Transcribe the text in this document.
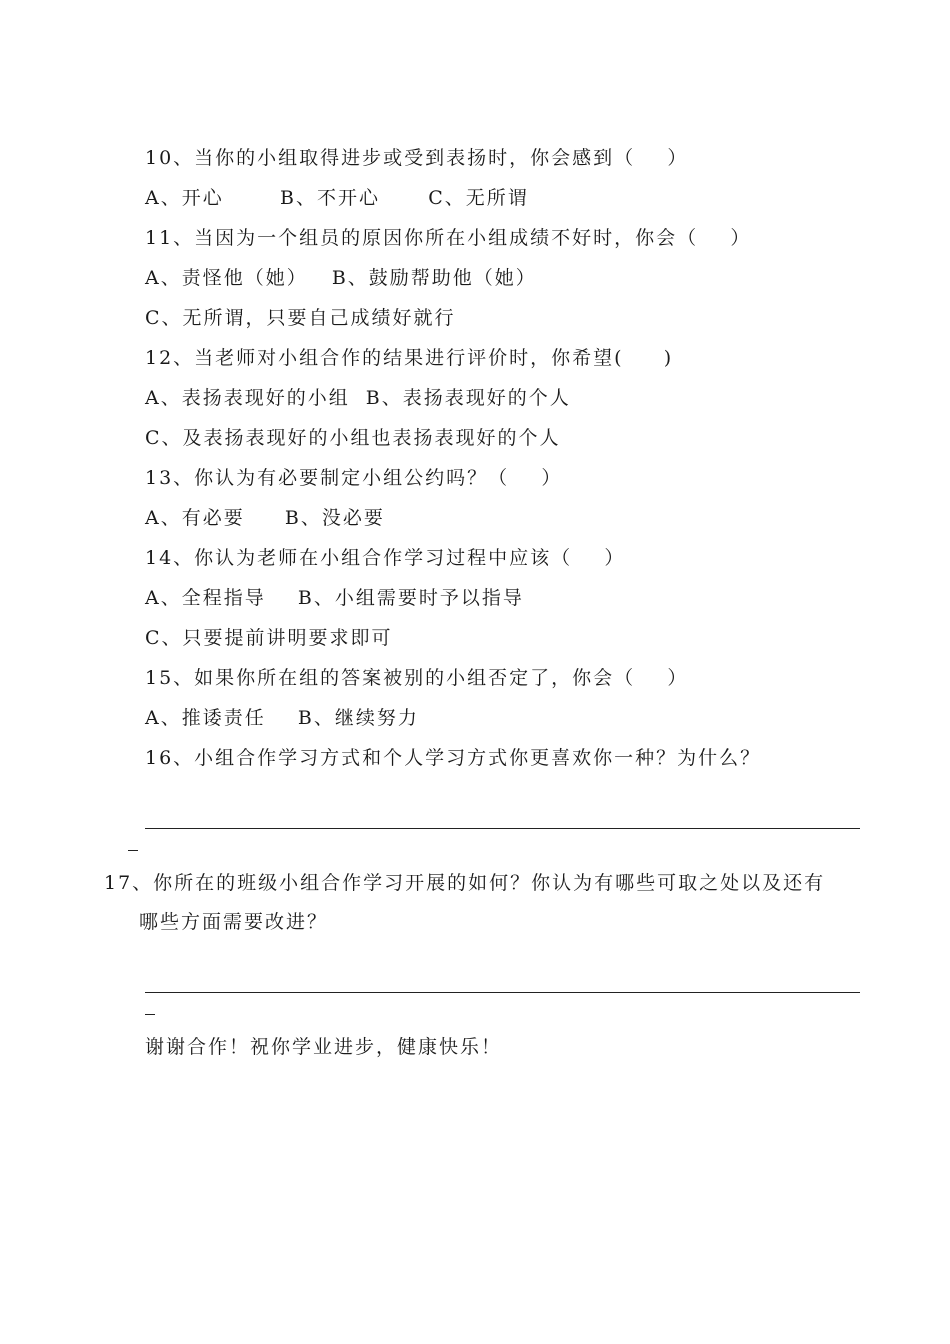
10、当你的小组取得进步或受到表扬时，你会感到（    ）
A、开心       B、不开心      C、无所谓
11、当因为一个组员的原因你所在小组成绩不好时，你会（    ）
A、责怪他（她）   B、鼓励帮助他（她）
C、无所谓，只要自己成绩好就行
12、当老师对小组合作的结果进行评价时，你希望(     )
A、表扬表现好的小组  B、表扬表现好的个人
C、及表扬表现好的小组也表扬表现好的个人
13、你认为有必要制定小组公约吗？（    ）
A、有必要     B、没必要
14、你认为老师在小组合作学习过程中应该（    ）
A、全程指导    B、小组需要时予以指导
C、只要提前讲明要求即可
15、如果你所在组的答案被别的小组否定了，你会（    ）
A、推诿责任    B、继续努力
16、小组合作学习方式和个人学习方式你更喜欢你一种？为什么？
17、你所在的班级小组合作学习开展的如何？你认为有哪些可取之处以及还有
哪些方面需要改进？
谢谢合作！祝你学业进步，健康快乐！
